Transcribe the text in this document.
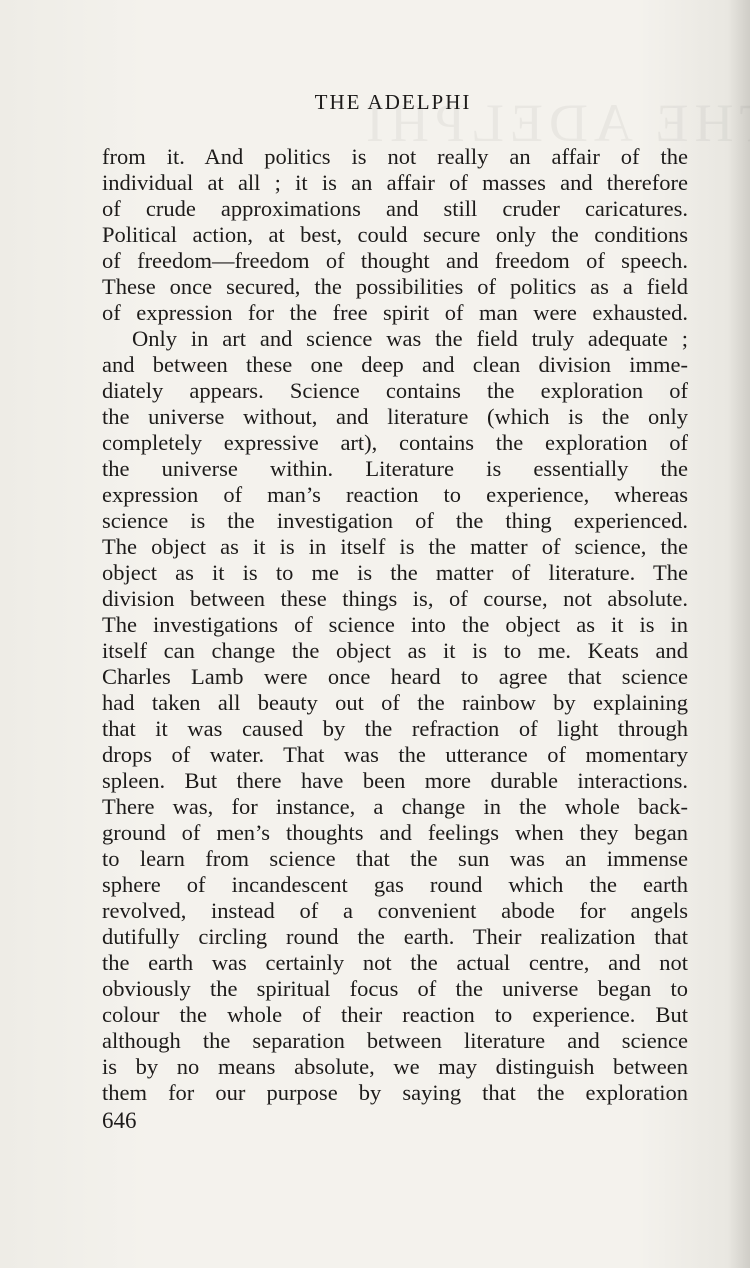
THE ADELPHI
from it. And politics is not really an affair of the
individual at all ; it is an affair of masses and therefore
of crude approximations and still cruder caricatures.
Political action, at best, could secure only the conditions
of freedom—freedom of thought and freedom of speech.
These once secured, the possibilities of politics as a field
of expression for the free spirit of man were exhausted.
Only in art and science was the field truly adequate ;
and between these one deep and clean division imme-
diately appears. Science contains the exploration of
the universe without, and literature (which is the only
completely expressive art), contains the exploration of
the universe within. Literature is essentially the
expression of man’s reaction to experience, whereas
science is the investigation of the thing experienced.
The object as it is in itself is the matter of science, the
object as it is to me is the matter of literature. The
division between these things is, of course, not absolute.
The investigations of science into the object as it is in
itself can change the object as it is to me. Keats and
Charles Lamb were once heard to agree that science
had taken all beauty out of the rainbow by explaining
that it was caused by the refraction of light through
drops of water. That was the utterance of momentary
spleen. But there have been more durable interactions.
There was, for instance, a change in the whole back-
ground of men’s thoughts and feelings when they began
to learn from science that the sun was an immense
sphere of incandescent gas round which the earth
revolved, instead of a convenient abode for angels
dutifully circling round the earth. Their realization that
the earth was certainly not the actual centre, and not
obviously the spiritual focus of the universe began to
colour the whole of their reaction to experience. But
although the separation between literature and science
is by no means absolute, we may distinguish between
them for our purpose by saying that the exploration
646
